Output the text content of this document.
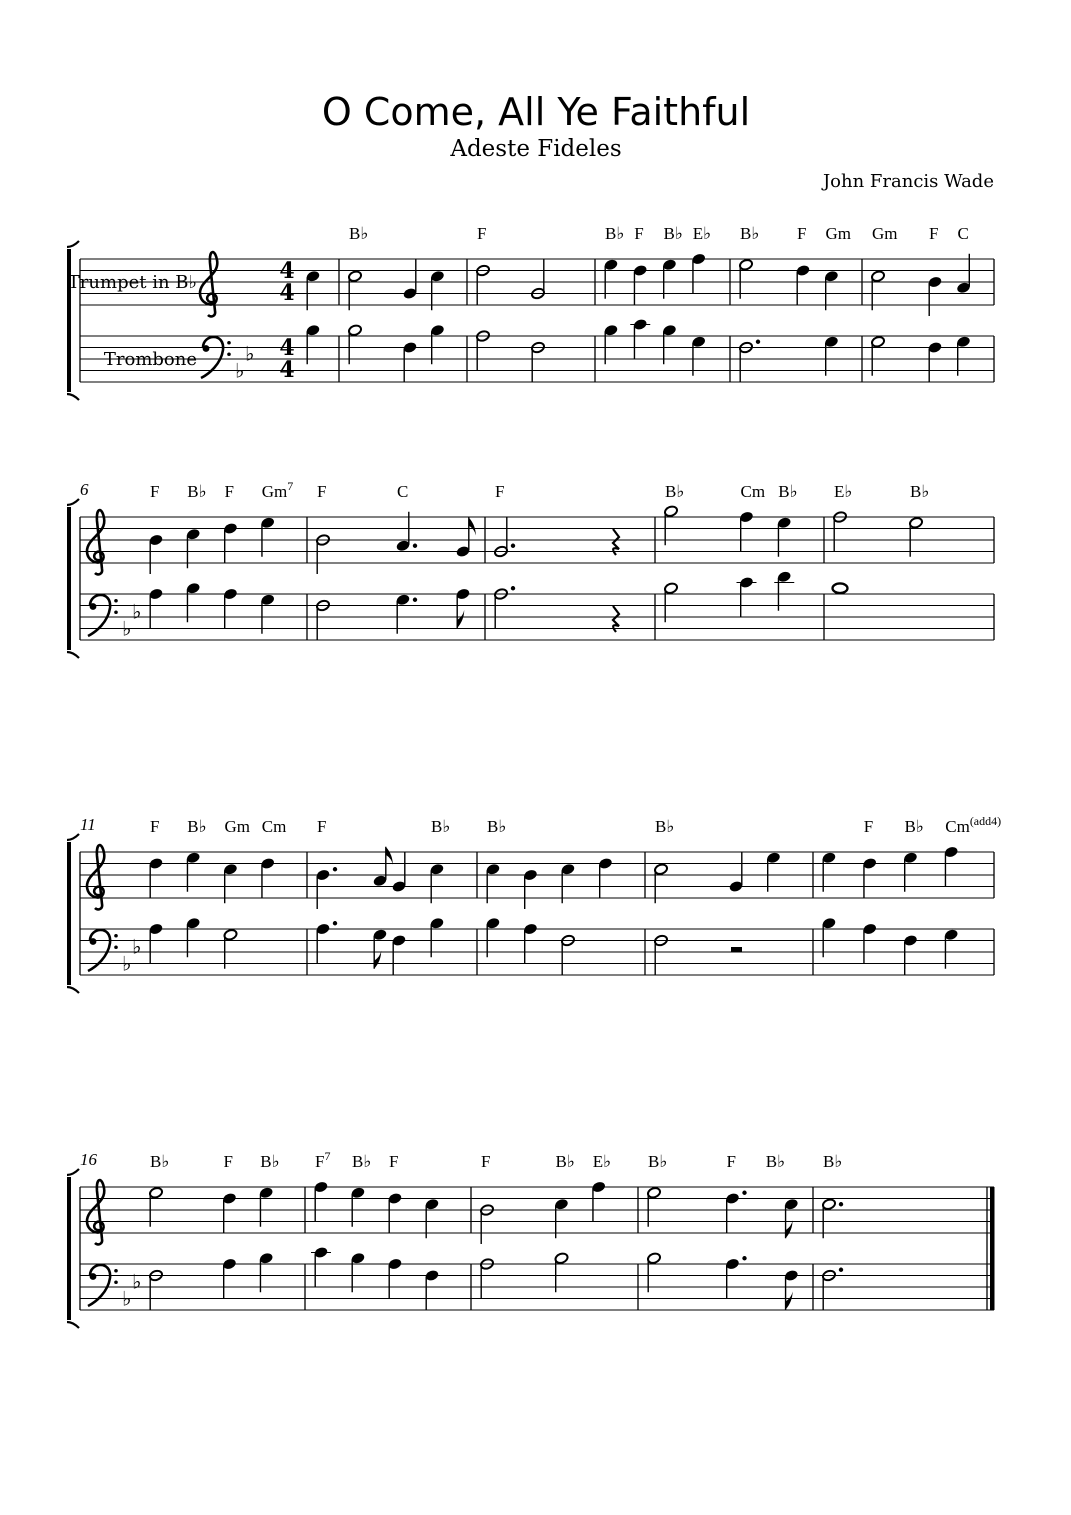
O Come, All Ye Faithful
Adeste Fideles
John Francis Wade
Trumpet in B♭
Trombone ♭
♭
4
4
4
4
B♭	F	B♭ F B♭ E♭ B♭ F Gm Gm F C
♭
♭
6	F B♭ F Gm$^7$ F	C	F	B♭	Cm B♭ E♭	B♭
♭
♭
11	F B♭ Gm Cm F	B♭ B♭	B♭	F B♭ $Cm^{(add4)}$
♭
♭
16	B♭	F B♭ $F^7$ B♭ F	F	B♭ E♭ B♭	F B♭ B♭
